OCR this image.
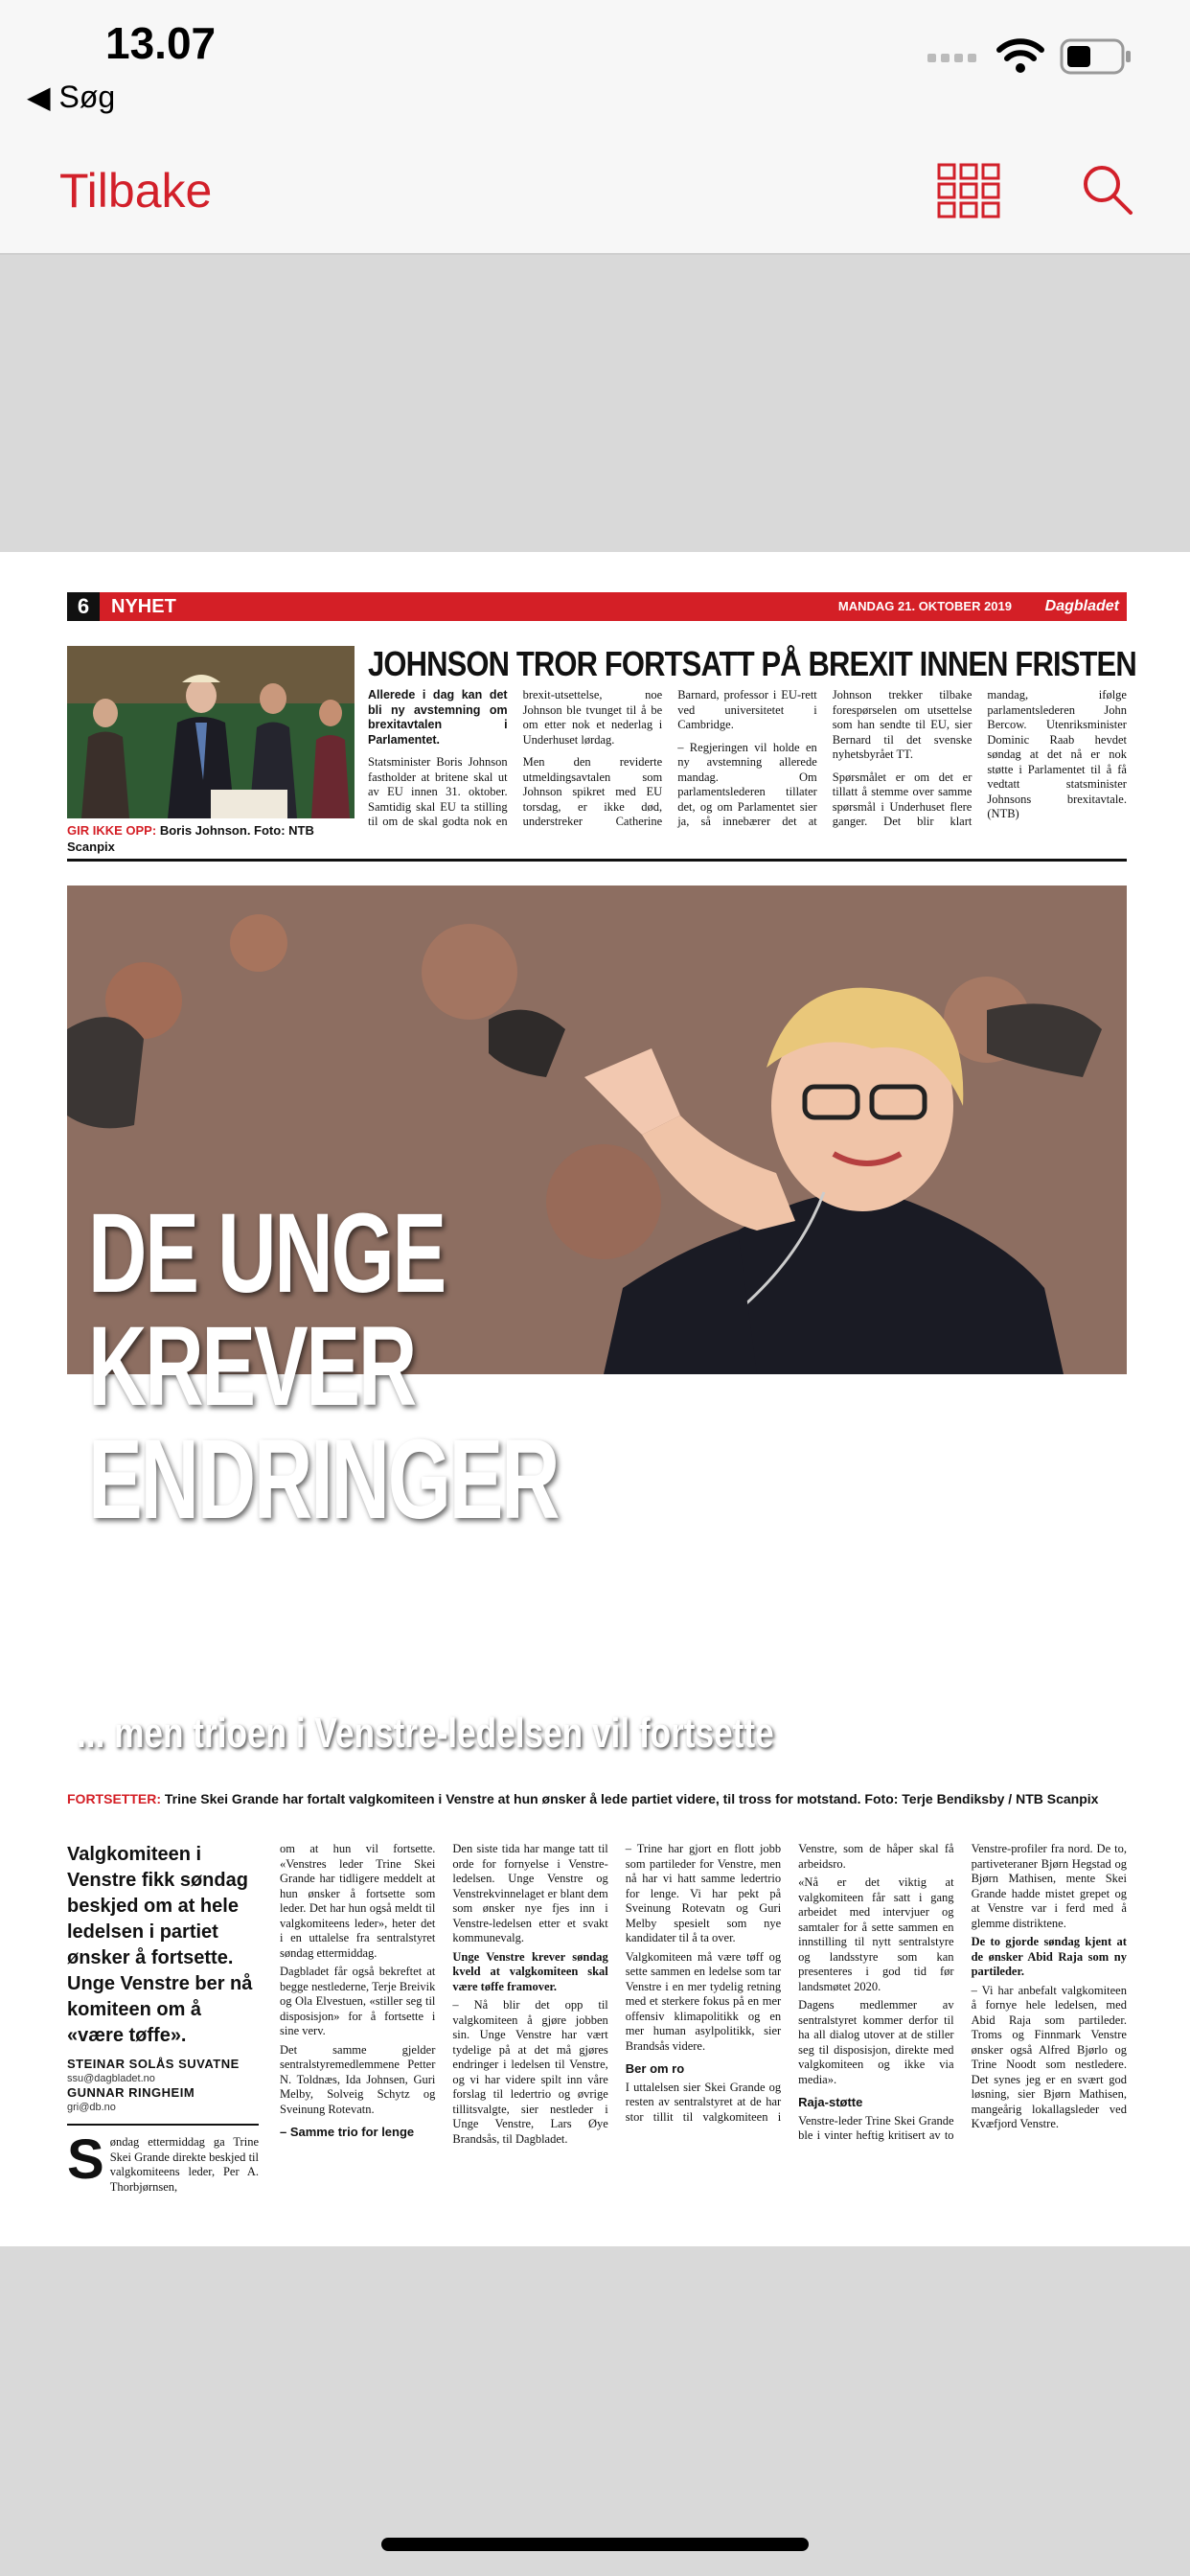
13.07
◀ Søg
Tilbake
6	NYHET	MANDAG 21. OKTOBER 2019 Dagbladet
GIR IKKE OPP: Boris Johnson. Foto: NTB Scanpix
JOHNSON TROR FORTSATT PÅ BREXIT INNEN FRISTEN

Allerede i dag kan det bli ny avstemning om brexitavtalen i Parlamentet.

Statsminister Boris Johnson fastholder at britene skal ut av EU innen 31. oktober. Samtidig skal EU ta stilling til om de skal godta nok en brexit-utsettelse, noe Johnson ble tvunget til å be om etter nok et nederlag i Underhuset lørdag.

Men den reviderte utmeldingsavtalen som Johnson spikret med EU torsdag, er ikke død, understreker Catherine Barnard, professor i EU-rett ved universitetet i Cambridge.

– Regjeringen vil holde en ny avstemning allerede mandag. Om parlamentslederen tillater det, og om Parlamentet sier ja, så innebærer det at Johnson trekker tilbake forespørselen om utsettelse som han sendte til EU, sier Bernard til det svenske nyhetsbyrået TT.

Spørsmålet er om det er tillatt å stemme over samme spørsmål i Underhuset flere ganger. Det blir klart mandag, ifølge parlamentslederen John Bercow. Utenriksminister Dominic Raab hevdet søndag at det nå er nok støtte i Parlamentet til å få vedtatt statsminister Johnsons brexitavtale. (NTB)

DE UNGE
KREVER
ENDRINGER
... men trioen i Venstre-ledelsen vil fortsette
FORTSETTER: Trine Skei Grande har fortalt valgkomiteen i Venstre at hun ønsker å lede partiet videre, til tross for motstand. Foto: Terje Bendiksby / NTB Scanpix
Valgkomiteen i Venstre fikk søndag beskjed om at hele ledelsen i partiet ønsker å fortsette. Unge Venstre ber nå komiteen om å «være tøffe».
STEINAR SOLÅS SUVATNE
ssu@dagbladet.no
GUNNAR RINGHEIM
gri@db.no
Søndag ettermiddag ga Trine Skei Grande direkte beskjed til valgkomiteens leder, Per A. Thorbjørnsen,

om at hun vil fortsette. «Venstres leder Trine Skei Grande har tidligere meddelt at hun ønsker å fortsette som leder. Det har hun også meldt til valgkomiteens leder», heter det i en uttalelse fra sentralstyret søndag ettermiddag.

Dagbladet får også bekreftet at begge nestlederne, Terje Breivik og Ola Elvestuen, «stiller seg til disposisjon» for å fortsette i sine verv.

Det samme gjelder sentralstyremedlemmene Petter N. Toldnæs, Ida Johnsen, Guri Melby, Solveig Schytz og Sveinung Rotevatn.

– Samme trio for lenge

Den siste tida har mange tatt til orde for fornyelse i Venstre-ledelsen. Unge Venstre og Venstrekvinnelaget er blant dem som ønsker nye fjes inn i Venstre-ledelsen etter et svakt kommunevalg.

Unge Venstre krever søndag kveld at valgkomiteen skal være tøffe framover.

– Nå blir det opp til valgkomiteen å gjøre jobben sin. Unge Venstre har vært tydelige på at det må gjøres endringer i ledelsen til Venstre, og vi har videre spilt inn våre forslag til ledertrio og øvrige tillitsvalgte, sier nestleder i Unge Venstre, Lars Øye Brandsås, til Dagbladet.

– Trine har gjort en flott jobb som partileder for Venstre, men nå har vi hatt samme ledertrio for lenge. Vi har pekt på Sveinung Rotevatn og Guri Melby spesielt som nye kandidater til å ta over.

Valgkomiteen må være tøff og sette sammen en ledelse som tar Venstre i en mer tydelig retning med et sterkere fokus på en mer offensiv klimapolitikk og en mer human asylpolitikk, sier Brandsås videre.

Ber om ro

I uttalelsen sier Skei Grande og resten av sentralstyret at de har stor tillit til valgkomiteen i Venstre, som de håper skal få arbeidsro.

«Nå er det viktig at valgkomiteen får satt i gang arbeidet med intervjuer og samtaler for å sette sammen en innstilling til nytt sentralstyre og landsstyre som kan presenteres i god tid før landsmøtet 2020.

Dagens medlemmer av sentralstyret kommer derfor til ha all dialog utover at de stiller seg til disposisjon, direkte med valgkomiteen og ikke via media».

Raja-støtte

Venstre-leder Trine Skei Grande ble i vinter heftig kritisert av to Venstre-profiler fra nord. De to, partiveteraner Bjørn Hegstad og Bjørn Mathisen, mente Skei Grande hadde mistet grepet og at Venstre var i ferd med å glemme distriktene.

De to gjorde søndag kjent at de ønsker Abid Raja som ny partileder.

– Vi har anbefalt valgkomiteen å fornye hele ledelsen, med Abid Raja som partileder. Troms og Finnmark Venstre ønsker også Alfred Bjørlo og Trine Noodt som nestledere. Det synes jeg er en svært god løsning, sier Bjørn Mathisen, mangeårig lokallagsleder ved Kvæfjord Venstre.
